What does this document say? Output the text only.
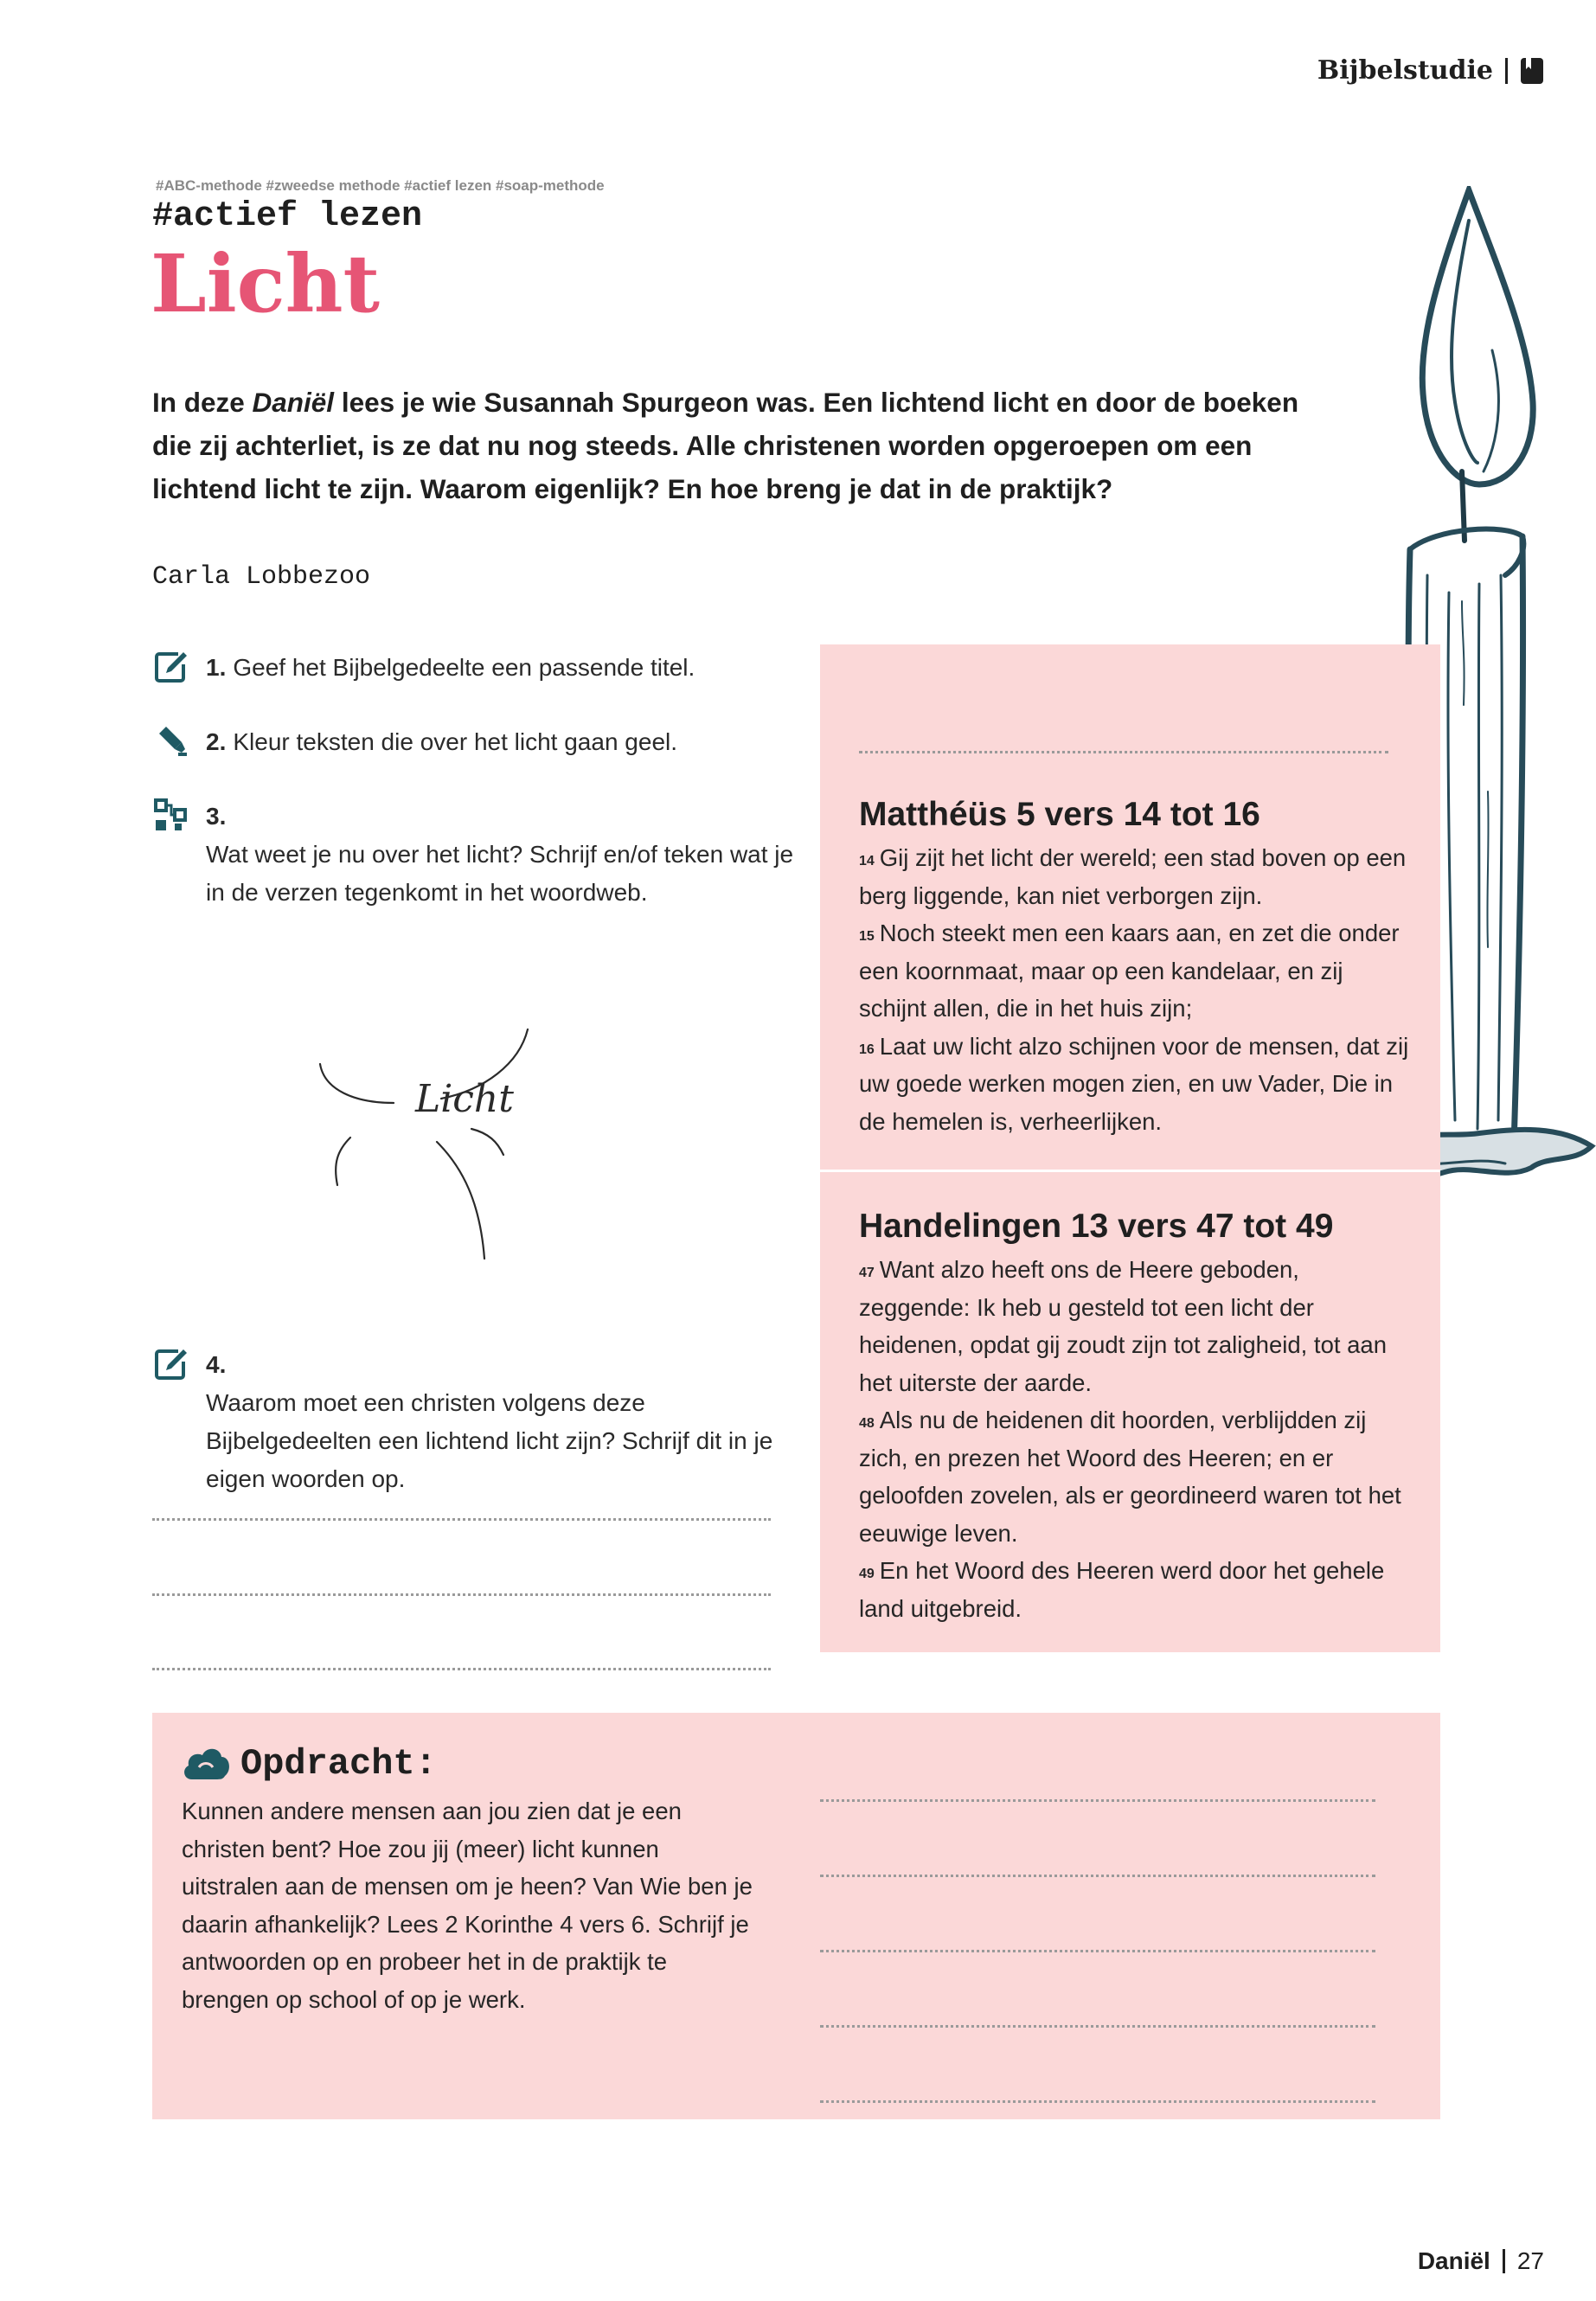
Bijbelstudie
#ABC-methode #zweedse methode #actief lezen #soap-methode
#actief lezen
Licht
In deze Daniël lees je wie Susannah Spurgeon was. Een lichtend licht en door de boeken die zij achterliet, is ze dat nu nog steeds. Alle christenen worden opgeroepen om een lichtend licht te zijn. Waarom eigenlijk? En hoe breng je dat in de praktijk?
Carla Lobbezoo
1. Geef het Bijbelgedeelte een passende titel.
2. Kleur teksten die over het licht gaan geel.
3.Wat weet je nu over het licht? Schrijf en/of teken wat je in de verzen tegenkomt in het woordweb.
Licht
4.Waarom moet een christen volgens deze Bijbelgedeelten een lichtend licht zijn? Schrijf dit in je eigen woorden op.
Matthéüs 5 vers 14 tot 16
$^{14}$ Gij zijt het licht der wereld; een stad boven op een berg liggende, kan niet verborgen zijn.
$^{15}$ Noch steekt men een kaars aan, en zet die onder een koornmaat, maar op een kandelaar, en zij schijnt allen, die in het huis zijn;
$^{16}$ Laat uw licht alzo schijnen voor de mensen, dat zij uw goede werken mogen zien, en uw Vader, Die in de hemelen is, verheerlijken.
Handelingen 13 vers 47 tot 49
$^{47}$ Want alzo heeft ons de Heere geboden, zeggende: Ik heb u gesteld tot een licht der heidenen, opdat gij zoudt zijn tot zaligheid, tot aan het uiterste der aarde.
$^{48}$ Als nu de heidenen dit hoorden, verblijdden zij zich, en prezen het Woord des Heeren; en er geloofden zovelen, als er geordineerd waren tot het eeuwige leven.
$^{49}$ En het Woord des Heeren werd door het gehele land uitgebreid.
Opdracht:
Kunnen andere mensen aan jou zien dat je een christen bent? Hoe zou jij (meer) licht kunnen uitstralen aan de mensen om je heen? Van Wie ben je daarin afhankelijk? Lees 2 Korinthe 4 vers 6. Schrijf je antwoorden op en probeer het in de praktijk te brengen op school of op je werk.
Daniël 27
